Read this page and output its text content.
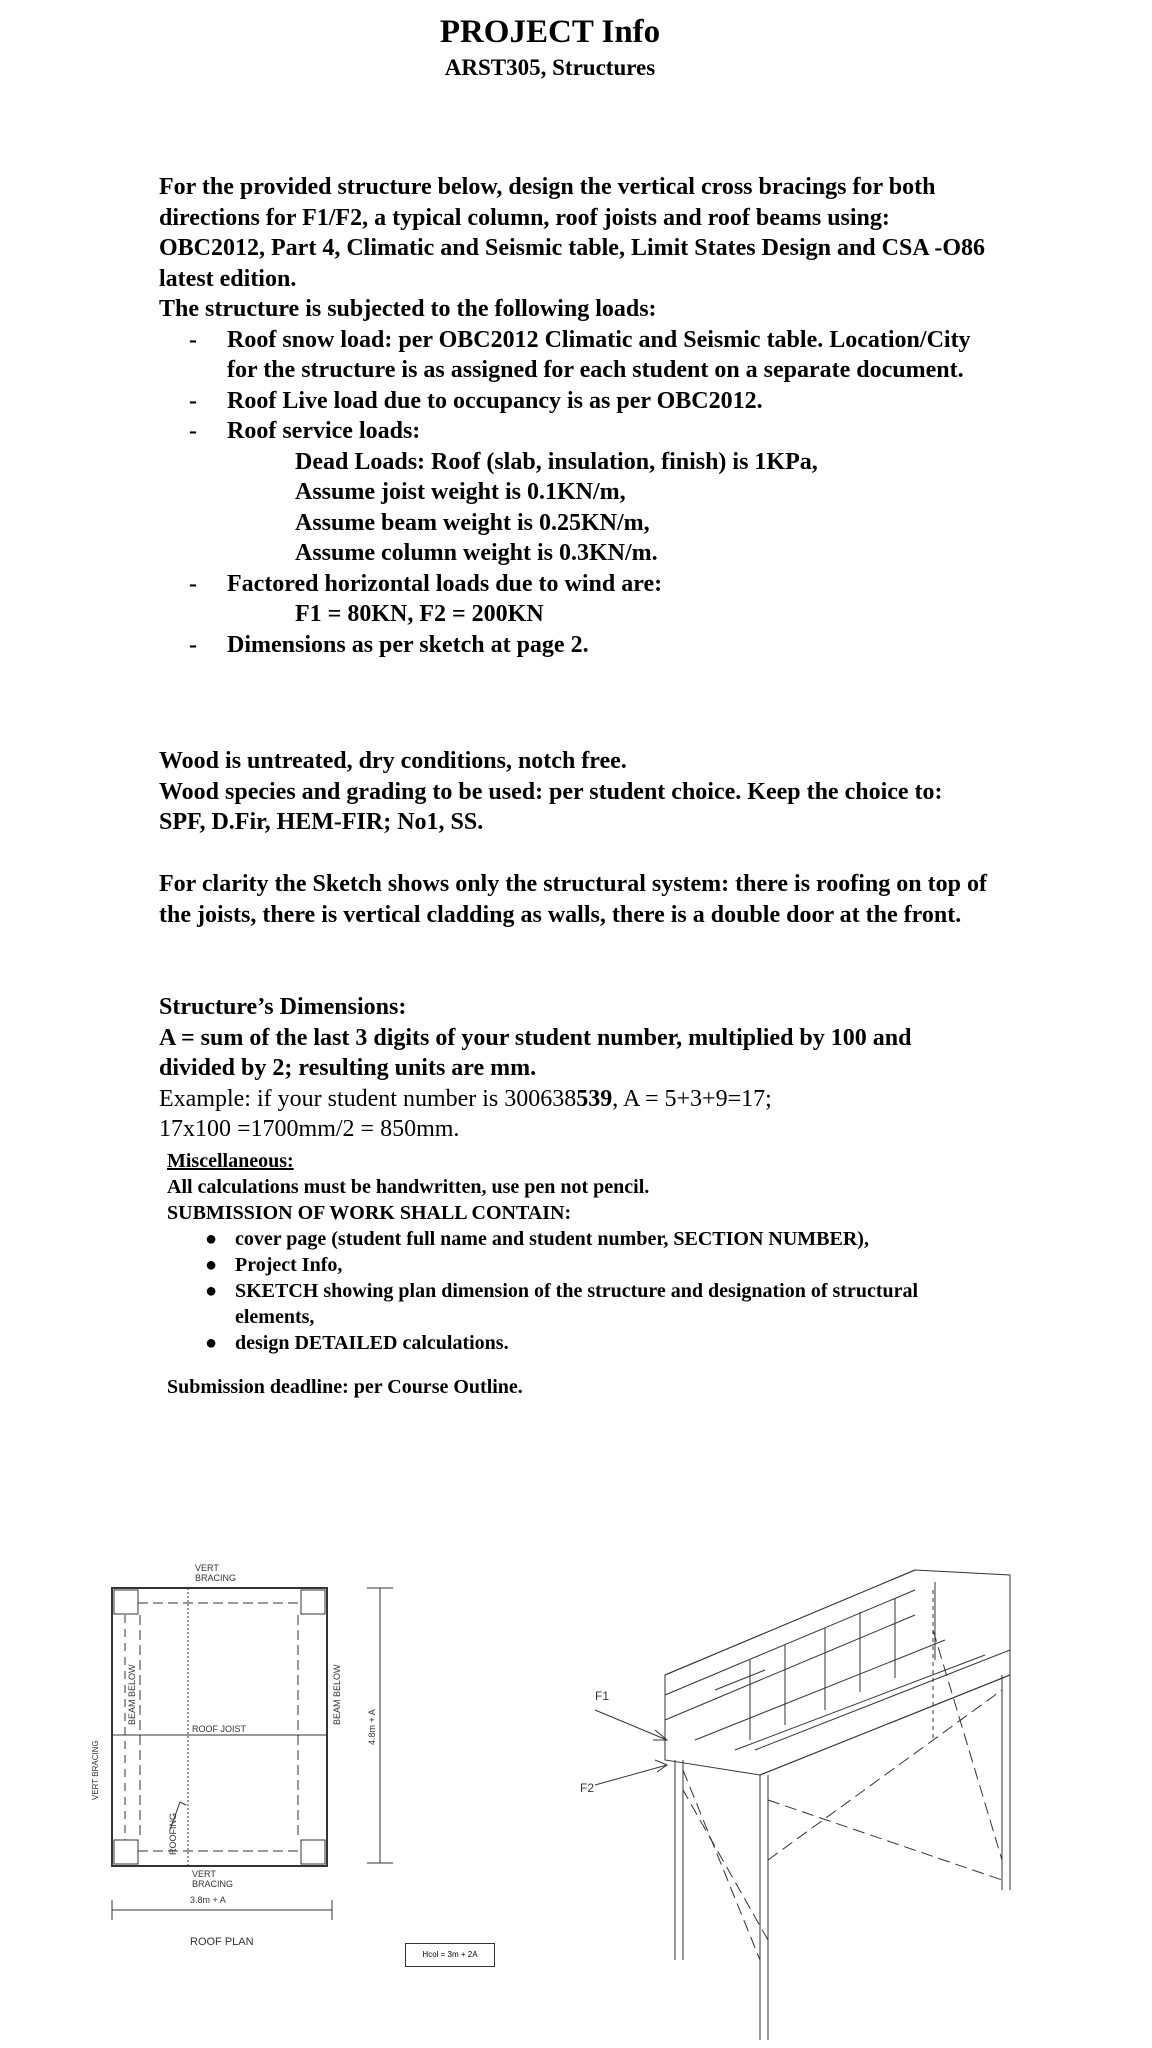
PROJECT Info
ARST305, Structures
For the provided structure below, design the vertical cross bracings for both directions for F1/F2, a typical column, roof joists and roof beams using:
OBC2012, Part 4, Climatic and Seismic table, Limit States Design and CSA -O86 latest edition.
The structure is subjected to the following loads:
- Roof snow load: per OBC2012 Climatic and Seismic table. Location/City for the structure is as assigned for each student on a separate document.
- Roof Live load due to occupancy is as per OBC2012.
- Roof service loads:
Dead Loads: Roof (slab, insulation, finish) is 1KPa,
Assume joist weight is 0.1KN/m,
Assume beam weight is 0.25KN/m,
Assume column weight is 0.3KN/m.
- Factored horizontal loads due to wind are:
F1 = 80KN, F2 = 200KN
- Dimensions as per sketch at page 2.
Wood is untreated, dry conditions, notch free.
Wood species and grading to be used: per student choice. Keep the choice to: SPF, D.Fir, HEM-FIR; No1, SS.
For clarity the Sketch shows only the structural system: there is roofing on top of the joists, there is vertical cladding as walls, there is a double door at the front.
Structure’s Dimensions:
A = sum of the last 3 digits of your student number, multiplied by 100 and divided by 2; resulting units are mm.
Example: if your student number is 300638539, A = 5+3+9=17;
17x100 =1700mm/2 = 850mm.
Miscellaneous:
All calculations must be handwritten, use pen not pencil.
SUBMISSION OF WORK SHALL CONTAIN:
● cover page (student full name and student number, SECTION NUMBER),
● Project Info,
● SKETCH showing plan dimension of the structure and designation of structural elements,
● design DETAILED calculations.
Submission deadline: per Course Outline.
VERT
BRACING
VERT
BRACING
ROOF JOIST
3.8m + A
ROOF PLAN
BEAM BELOW	BEAM BELOW
VERT BRACING
ROOFING
4.8m + A
Hcol = 3m + 2A
F1
F2
